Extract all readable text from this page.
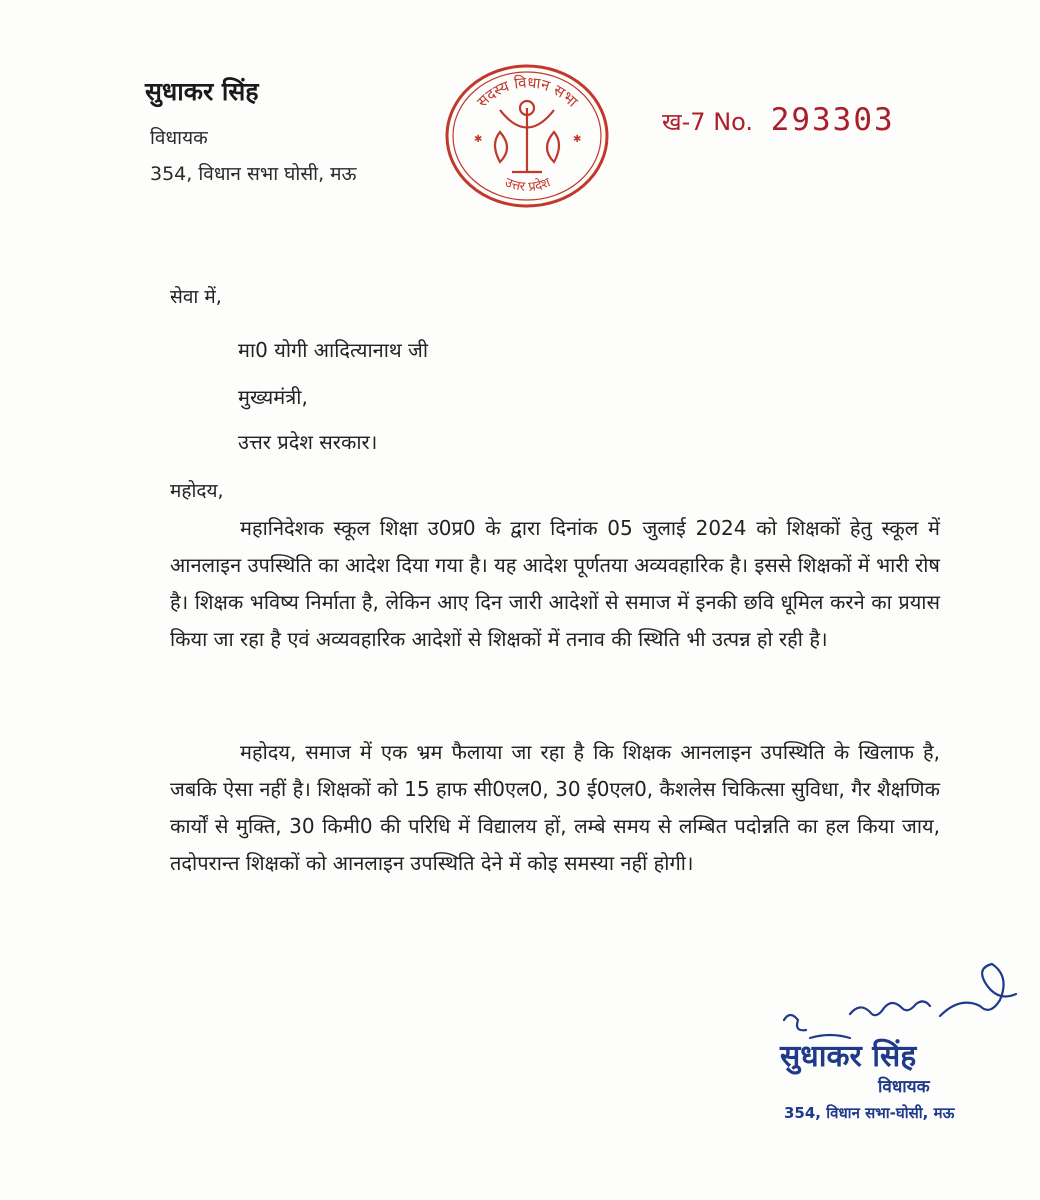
सुधाकर सिंह
विधायक
354, विधान सभा घोसी, मऊ
सदस्य विधान सभा
उत्तर प्रदेश
✱	✱
ख-7 No. 293303
सेवा में,
मा0 योगी आदित्यानाथ जी
मुख्यमंत्री,
उत्तर प्रदेश सरकार।
महोदय,

महानिदेशक स्कूल शिक्षा उ0प्र0 के द्वारा दिनांक 05 जुलाई 2024 को शिक्षकों हेतु स्कूल में आनलाइन उपस्थिति का आदेश दिया गया है। यह आदेश पूर्णतया अव्यवहारिक है। इससे शिक्षकों में भारी रोष है। शिक्षक भविष्य निर्माता है, लेकिन आए दिन जारी आदेशों से समाज में इनकी छवि धूमिल करने का प्रयास किया जा रहा है एवं अव्यवहारिक आदेशों से शिक्षकों में तनाव की स्थिति भी उत्पन्न हो रही है।

महोदय, समाज में एक भ्रम फैलाया जा रहा है कि शिक्षक आनलाइन उपस्थिति के खिलाफ है, जबकि ऐसा नहीं है। शिक्षकों को 15 हाफ सी0एल0, 30 ई0एल0, कैशलेस चिकित्सा सुविधा, गैर शैक्षणिक कार्यों से मुक्ति, 30 किमी0 की परिधि में विद्यालय हों, लम्बे समय से लम्बित पदोन्नति का हल किया जाय, तदोपरान्त शिक्षकों को आनलाइन उपस्थिति देने में कोइ समस्या नहीं होगी।

सुधाकर सिंह
विधायक
354, विधान सभा-घोसी, मऊ
